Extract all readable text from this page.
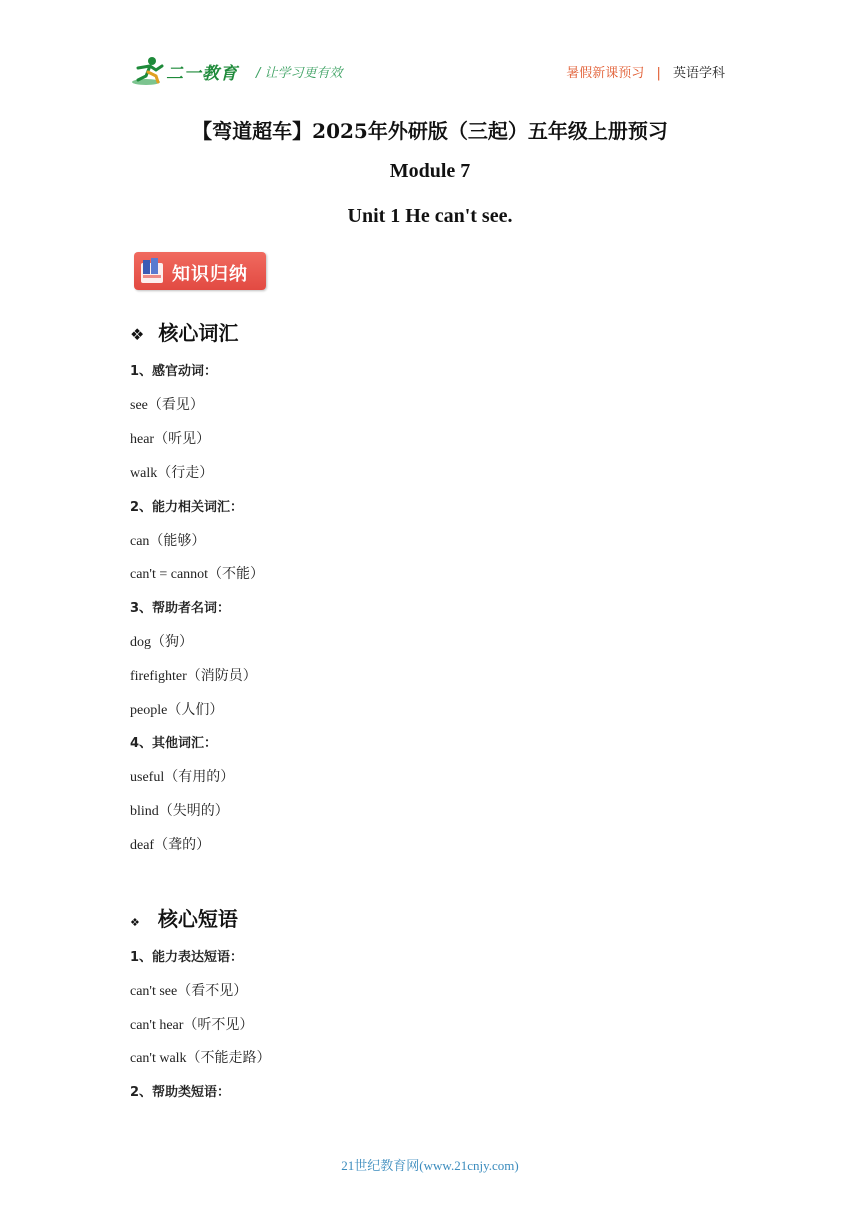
二一教育 / 让学习更有效	暑假新课预习 | 英语学科
【弯道超车】2025年外研版（三起）五年级上册预习
Module 7
Unit 1 He can't see.
知识归纳
❖ 核心词汇
1、感官动词：
see（看见）
hear（听见）
walk（行走）
2、能力相关词汇：
can（能够）
can't = cannot（不能）
3、帮助者名词：
dog（狗）
firefighter（消防员）
people（人们）
4、其他词汇：
useful（有用的）
blind（失明的）
deaf（聋的）
❖ 核心短语
1、能力表达短语：
can't see（看不见）
can't hear（听不见）
can't walk（不能走路）
2、帮助类短语：
21世纪教育网(www.21cnjy.com)
